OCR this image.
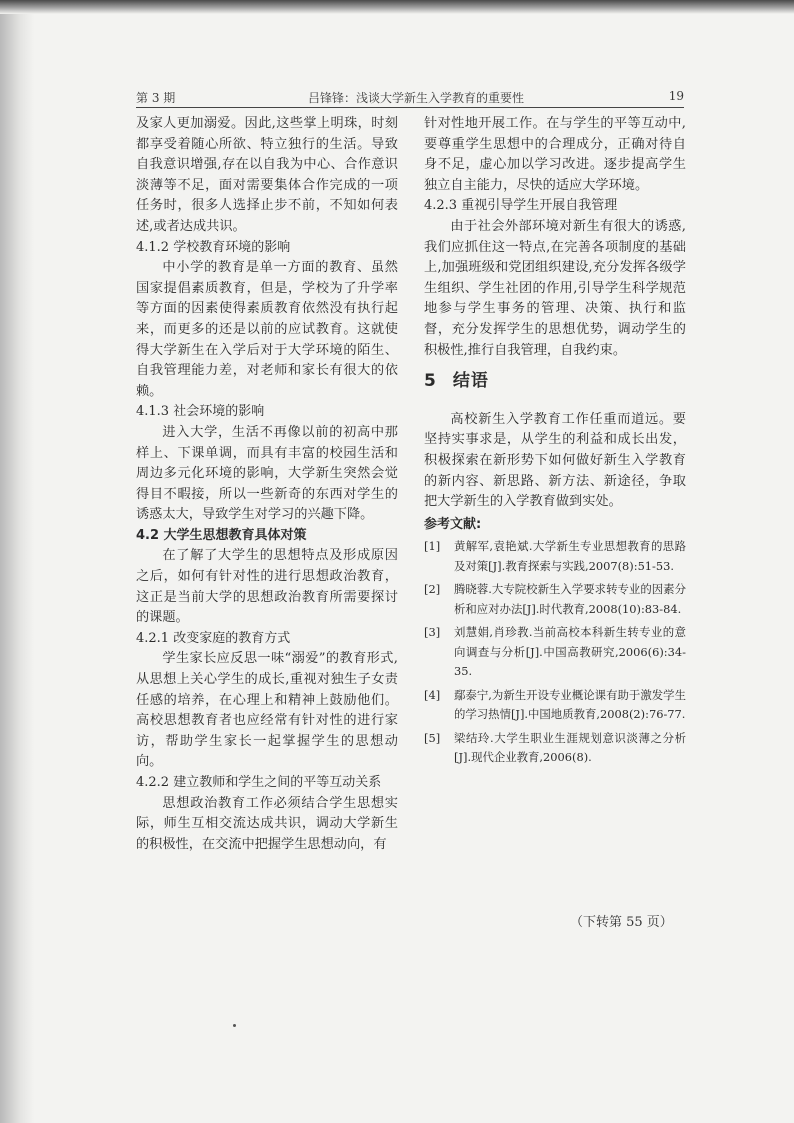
第 3 期	吕锋锋：浅谈大学新生入学教育的重要性	19

及家人更加溺爱。因此,这些掌上明珠，时刻都享受着随心所欲、特立独行的生活。导致自我意识增强,存在以自我为中心、合作意识淡薄等不足，面对需要集体合作完成的一项任务时，很多人选择止步不前，不知如何表述,或者达成共识。

4.1.2 学校教育环境的影响

中小学的教育是单一方面的教育、虽然国家提倡素质教育，但是，学校为了升学率等方面的因素使得素质教育依然没有执行起来，而更多的还是以前的应试教育。这就使得大学新生在入学后对于大学环境的陌生、自我管理能力差，对老师和家长有很大的依赖。

4.1.3 社会环境的影响

进入大学，生活不再像以前的初高中那样上、下课单调，而具有丰富的校园生活和周边多元化环境的影响，大学新生突然会觉得目不暇接，所以一些新奇的东西对学生的诱惑太大，导致学生对学习的兴趣下降。

4.2 大学生思想教育具体对策

在了解了大学生的思想特点及形成原因之后，如何有针对性的进行思想政治教育，这正是当前大学的思想政治教育所需要探讨的课题。

4.2.1 改变家庭的教育方式

学生家长应反思一味“溺爱”的教育形式,从思想上关心学生的成长,重视对独生子女责任感的培养，在心理上和精神上鼓励他们。高校思想教育者也应经常有针对性的进行家访，帮助学生家长一起掌握学生的思想动向。

4.2.2 建立教师和学生之间的平等互动关系

思想政治教育工作必须结合学生思想实际，师生互相交流达成共识，调动大学新生的积极性，在交流中把握学生思想动向，有

针对性地开展工作。在与学生的平等互动中,要尊重学生思想中的合理成分，正确对待自身不足，虚心加以学习改进。逐步提高学生独立自主能力，尽快的适应大学环境。

4.2.3 重视引导学生开展自我管理

由于社会外部环境对新生有很大的诱惑,我们应抓住这一特点,在完善各项制度的基础上,加强班级和党团组织建设,充分发挥各级学生组织、学生社团的作用,引导学生科学规范地参与学生事务的管理、决策、执行和监督，充分发挥学生的思想优势，调动学生的积极性,推行自我管理，自我约束。

5 结语

高校新生入学教育工作任重而道远。要坚持实事求是，从学生的利益和成长出发，积极探索在新形势下如何做好新生入学教育的新内容、新思路、新方法、新途径，争取把大学新生的入学教育做到实处。

参考文献:
[1]	黄解军,袁艳斌.大学新生专业思想教育的思路及对策[J].教育探索与实践,2007(8):51-53.
[2]	腾晓蓉.大专院校新生入学要求转专业的因素分析和应对办法[J].时代教育,2008(10):83-84.
[3]	刘慧娟,肖珍教.当前高校本科新生转专业的意向调查与分析[J].中国高教研究,2006(6):34-35.
[4]	鄢泰宁,为新生开设专业概论课有助于激发学生的学习热情[J].中国地质教育,2008(2):76-77.
[5]	梁结玲.大学生职业生涯规划意识淡薄之分析[J].现代企业教育,2006(8).
（下转第 55 页）
